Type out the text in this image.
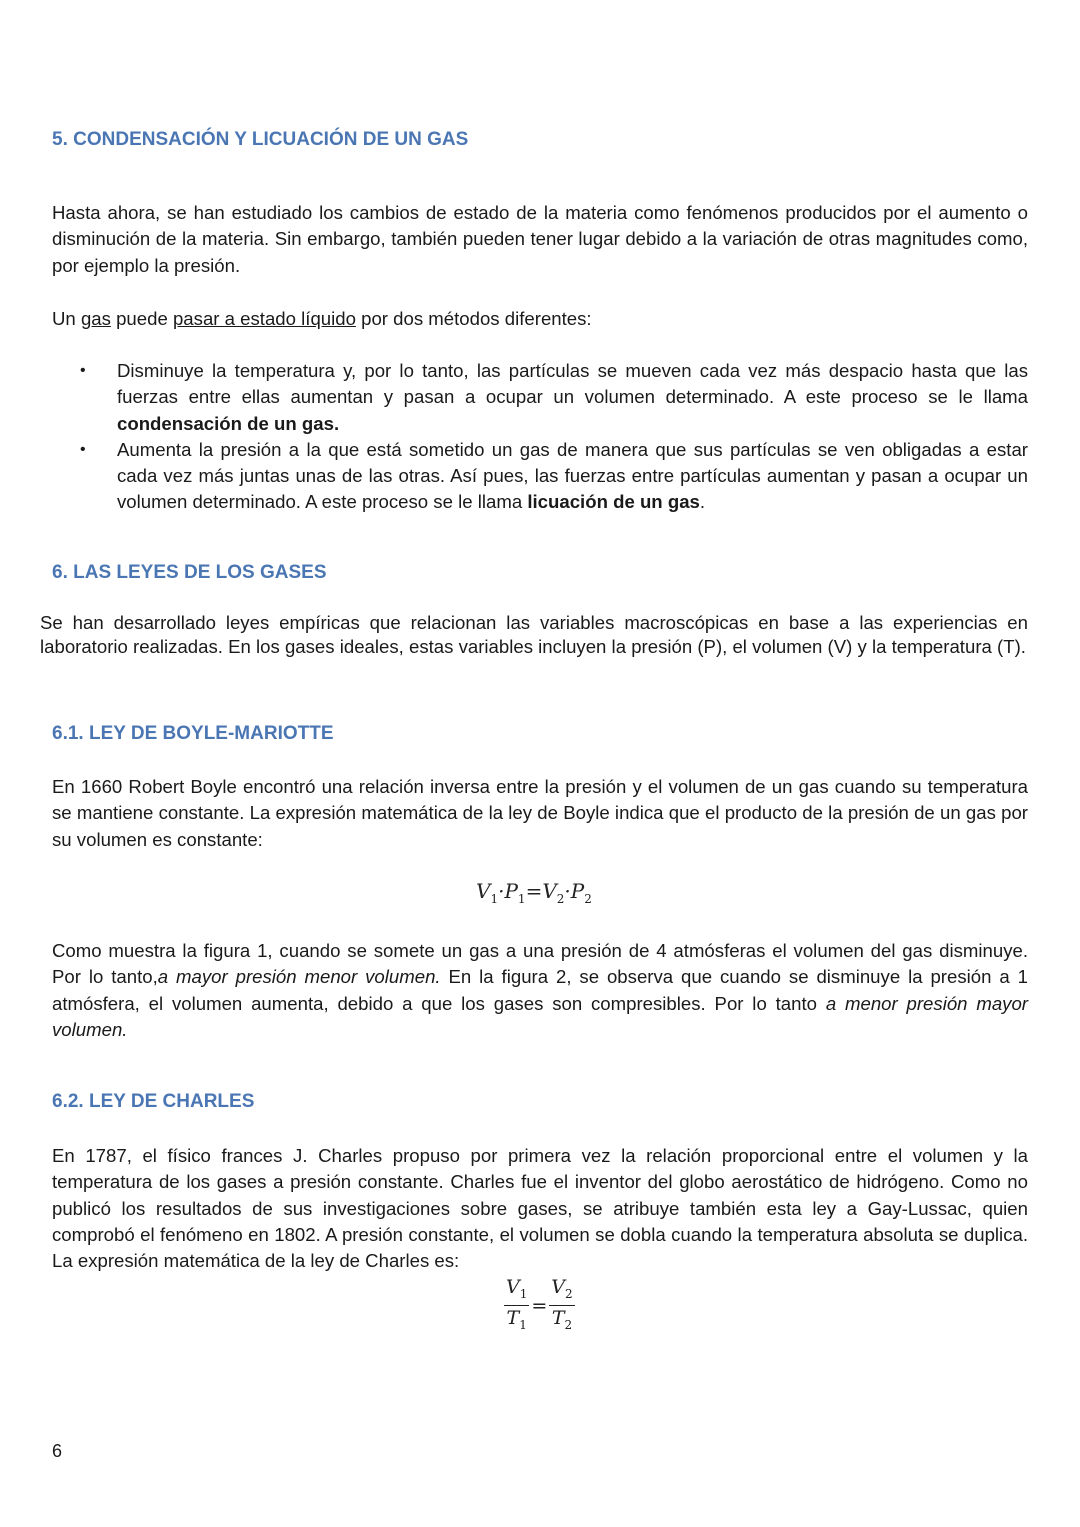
5. CONDENSACIÓN Y LICUACIÓN DE UN GAS

Hasta ahora, se han estudiado los cambios de estado de la materia como fenómenos producidos por el aumento o disminución de la materia. Sin embargo, también pueden tener lugar debido a la variación de otras magnitudes como, por ejemplo la presión.

Un gas puede pasar a estado líquido por dos métodos diferentes:

• Disminuye la temperatura y, por lo tanto, las partículas se mueven cada vez más despacio hasta que las fuerzas entre ellas aumentan y pasan a ocupar un volumen determinado. A este proceso se le llama condensación de un gas.
• Aumenta la presión a la que está sometido un gas de manera que sus partículas se ven obligadas a estar cada vez más juntas unas de las otras. Así pues, las fuerzas entre partículas aumentan y pasan a ocupar un volumen determinado. A este proceso se le llama licuación de un gas.
6. LAS LEYES DE LOS GASES

Se han desarrollado leyes empíricas que relacionan las variables macroscópicas en base a las experiencias en laboratorio realizadas. En los gases ideales, estas variables incluyen la presión (P), el volumen (V) y la temperatura (T).

6.1. LEY DE BOYLE-MARIOTTE

En 1660 Robert Boyle encontró una relación inversa entre la presión y el volumen de un gas cuando su temperatura se mantiene constante. La expresión matemática de la ley de Boyle indica que el producto de la presión de un gas por su volumen es constante:

$V_1\cdot P_1=V_2\cdot P_2$

Como muestra la figura 1, cuando se somete un gas a una presión de 4 atmósferas el volumen del gas disminuye. Por lo tanto,a mayor presión menor volumen. En la figura 2, se observa que cuando se disminuye la presión a 1 atmósfera, el volumen aumenta, debido a que los gases son compresibles. Por lo tanto a menor presión mayor volumen.

6.2. LEY DE CHARLES

En 1787, el físico frances J. Charles propuso por primera vez la relación proporcional entre el volumen y la temperatura de los gases a presión constante. Charles fue el inventor del globo aerostático de hidrógeno. Como no publicó los resultados de sus investigaciones sobre gases, se atribuye también esta ley a Gay-Lussac, quien comprobó el fenómeno en 1802. A presión constante, el volumen se dobla cuando la temperatura absoluta se duplica. La expresión matemática de la ley de Charles es:

$\frac{V_1}{T_1} = \frac{V_2}{T_2}$
6
